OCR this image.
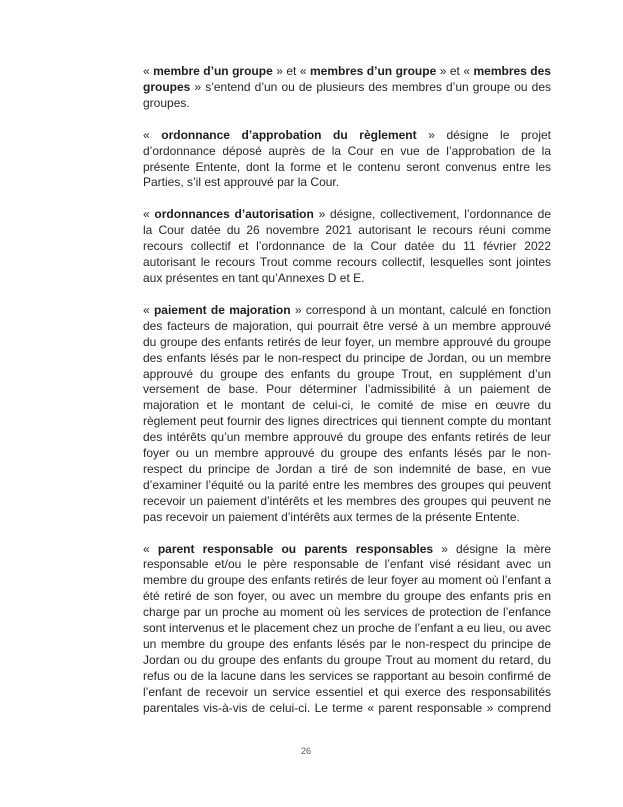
« membre d’un groupe » et « membres d’un groupe » et « membres des groupes » s’entend d’un ou de plusieurs des membres d’un groupe ou des groupes.

« ordonnance d’approbation du règlement » désigne le projet d’ordonnance déposé auprès de la Cour en vue de l’approbation de la présente Entente, dont la forme et le contenu seront convenus entre les Parties, s’il est approuvé par la Cour.

« ordonnances d’autorisation » désigne, collectivement, l’ordonnance de la Cour datée du 26 novembre 2021 autorisant le recours réuni comme recours collectif et l’ordonnance de la Cour datée du 11 février 2022 autorisant le recours Trout comme recours collectif, lesquelles sont jointes aux présentes en tant qu’Annexes D et E.

« paiement de majoration » correspond à un montant, calculé en fonction des facteurs de majoration, qui pourrait être versé à un membre approuvé du groupe des enfants retirés de leur foyer, un membre approuvé du groupe des enfants lésés par le non-respect du principe de Jordan, ou un membre approuvé du groupe des enfants du groupe Trout, en supplément d’un versement de base. Pour déterminer l’admissibilité à un paiement de majoration et le montant de celui-ci, le comité de mise en œuvre du règlement peut fournir des lignes directrices qui tiennent compte du montant des intérêts qu’un membre approuvé du groupe des enfants retirés de leur foyer ou un membre approuvé du groupe des enfants lésés par le non-respect du principe de Jordan a tiré de son indemnité de base, en vue d’examiner l’équité ou la parité entre les membres des groupes qui peuvent recevoir un paiement d’intérêts et les membres des groupes qui peuvent ne pas recevoir un paiement d’intérêts aux termes de la présente Entente.

« parent responsable ou parents responsables » désigne la mère responsable et/ou le père responsable de l’enfant visé résidant avec un membre du groupe des enfants retirés de leur foyer au moment où l’enfant a été retiré de son foyer, ou avec un membre du groupe des enfants pris en charge par un proche au moment où les services de protection de l’enfance sont intervenus et le placement chez un proche de l’enfant a eu lieu, ou avec un membre du groupe des enfants lésés par le non-respect du principe de Jordan ou du groupe des enfants du groupe Trout au moment du retard, du refus ou de la lacune dans les services se rapportant au besoin confirmé de l’enfant de recevoir un service essentiel et qui exerce des responsabilités parentales vis-à-vis de celui-ci. Le terme « parent responsable » comprend

26
